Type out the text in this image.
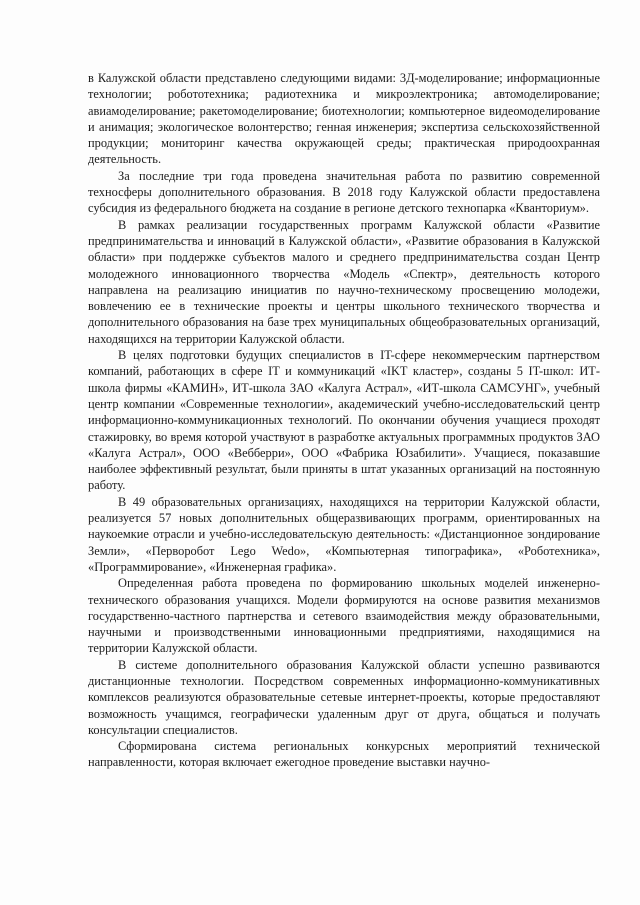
в Калужской области представлено следующими видами: 3Д-моделирование; информационные технологии; робототехника; радиотехника и микроэлектроника; автомоделирование; авиамоделирование; ракетомоделирование; биотехнологии; компьютерное видеомоделирование и анимация; экологическое волонтерство; генная инженерия; экспертиза сельскохозяйственной продукции; мониторинг качества окружающей среды; практическая природоохранная деятельность.

За последние три года проведена значительная работа по развитию современной техносферы дополнительного образования. В 2018 году Калужской области предоставлена субсидия из федерального бюджета на создание в регионе детского технопарка «Кванториум».

В рамках реализации государственных программ Калужской области «Развитие предпринимательства и инноваций в Калужской области», «Развитие образования в Калужской области» при поддержке субъектов малого и среднего предпринимательства создан Центр молодежного инновационного творчества «Модель «Спектр», деятельность которого направлена на реализацию инициатив по научно-техническому просвещению молодежи, вовлечению ее в технические проекты и центры школьного технического творчества и дополнительного образования на базе трех муниципальных общеобразовательных организаций, находящихся на территории Калужской области.

В целях подготовки будущих специалистов в IT-сфере некоммерческим партнерством компаний, работающих в сфере IT и коммуникаций «IKT кластер», созданы 5 IT-школ: ИТ-школа фирмы «КАМИН», ИТ-школа ЗАО «Калуга Астрал», «ИТ-школа САМСУНГ», учебный центр компании «Современные технологии», академический учебно-исследовательский центр информационно-коммуникационных технологий. По окончании обучения учащиеся проходят стажировку, во время которой участвуют в разработке актуальных программных продуктов ЗАО «Калуга Астрал», ООО «Вебберри», ООО «Фабрика Юзабилити». Учащиеся, показавшие наиболее эффективный результат, были приняты в штат указанных организаций на постоянную работу.

В 49 образовательных организациях, находящихся на территории Калужской области, реализуется 57 новых дополнительных общеразвивающих программ, ориентированных на наукоемкие отрасли и учебно-исследовательскую деятельность: «Дистанционное зондирование Земли», «Перворобот Lego Wedo», «Компьютерная типографика», «Роботехника», «Программирование», «Инженерная графика».

Определенная работа проведена по формированию школьных моделей инженерно-технического образования учащихся. Модели формируются на основе развития механизмов государственно-частного партнерства и сетевого взаимодействия между образовательными, научными и производственными инновационными предприятиями, находящимися на территории Калужской области.

В системе дополнительного образования Калужской области успешно развиваются дистанционные технологии. Посредством современных информационно-коммуникативных комплексов реализуются образовательные сетевые интернет-проекты, которые предоставляют возможность учащимся, географически удаленным друг от друга, общаться и получать консультации специалистов.

Сформирована система региональных конкурсных мероприятий технической направленности, которая включает ежегодное проведение выставки научно-
